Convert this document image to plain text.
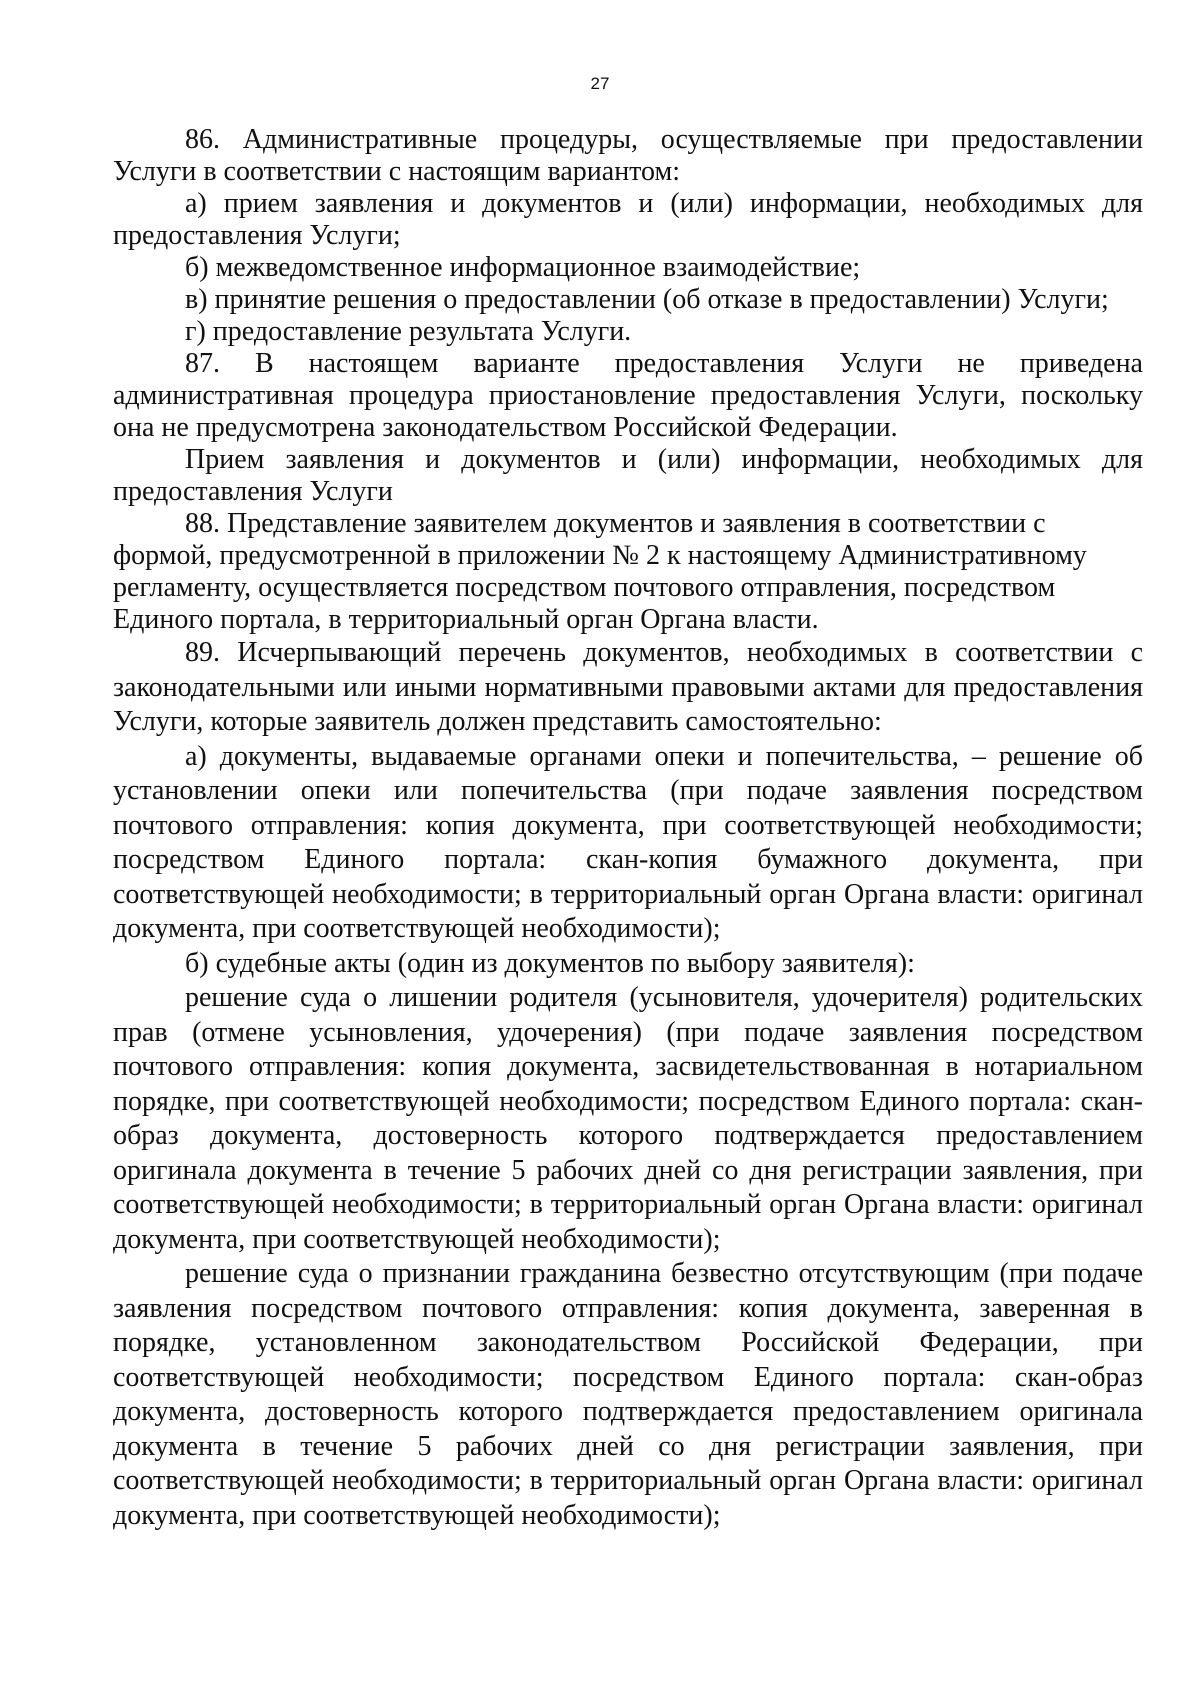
27

86. Административные процедуры, осуществляемые при предоставлении Услуги в соответствии с настоящим вариантом:

а) прием заявления и документов и (или) информации, необходимых для предоставления Услуги;

б) межведомственное информационное взаимодействие;

в) принятие решения о предоставлении (об отказе в предоставлении) Услуги;

г) предоставление результата Услуги.

87. В настоящем варианте предоставления Услуги не приведена административная процедура приостановление предоставления Услуги, поскольку она не предусмотрена законодательством Российской Федерации.

Прием заявления и документов и (или) информации, необходимых для предоставления Услуги

88. Представление заявителем документов и заявления в соответствии с формой, предусмотренной в приложении № 2 к настоящему Административному регламенту, осуществляется посредством почтового отправления, посредством Единого портала, в территориальный орган Органа власти.

89. Исчерпывающий перечень документов, необходимых в соответствии с законодательными или иными нормативными правовыми актами для предоставления Услуги, которые заявитель должен представить самостоятельно:

а) документы, выдаваемые органами опеки и попечительства, – решение об установлении опеки или попечительства (при подаче заявления посредством почтового отправления: копия документа, при соответствующей необходимости; посредством Единого портала: скан-копия бумажного документа, при соответствующей необходимости; в территориальный орган Органа власти: оригинал документа, при соответствующей необходимости);

б) судебные акты (один из документов по выбору заявителя):

решение суда о лишении родителя (усыновителя, удочерителя) родительских прав (отмене усыновления, удочерения) (при подаче заявления посредством почтового отправления: копия документа, засвидетельствованная в нотариальном порядке, при соответствующей необходимости; посредством Единого портала: скан-образ документа, достоверность которого подтверждается предоставлением оригинала документа в течение 5 рабочих дней со дня регистрации заявления, при соответствующей необходимости; в территориальный орган Органа власти: оригинал документа, при соответствующей необходимости);

решение суда о признании гражданина безвестно отсутствующим (при подаче заявления посредством почтового отправления: копия документа, заверенная в порядке, установленном законодательством Российской Федерации, при соответствующей необходимости; посредством Единого портала: скан-образ документа, достоверность которого подтверждается предоставлением оригинала документа в течение 5 рабочих дней со дня регистрации заявления, при соответствующей необходимости; в территориальный орган Органа власти: оригинал документа, при соответствующей необходимости);
